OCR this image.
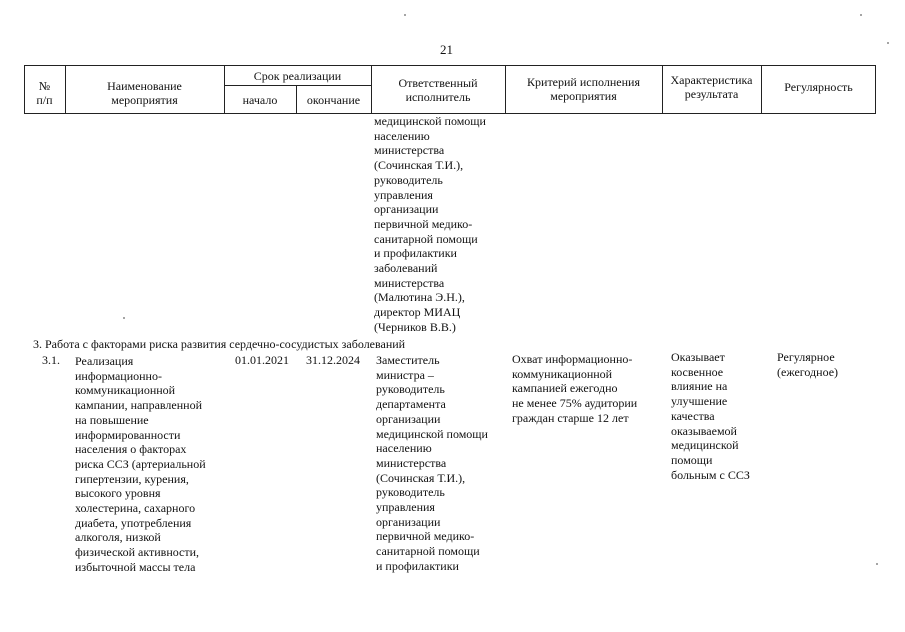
21
№
п/п
Наименование
мероприятия
Срок реализации
начало	окончание
Ответственный
исполнитель
Критерий исполнения
мероприятия
Характеристика
результата	Регулярность
медицинской помощи
населению
министерства
(Сочинская Т.И.),
руководитель
управления
организации
первичной медико-
санитарной помощи
и профилактики
заболеваний
министерства
(Малютина Э.Н.),
директор МИАЦ
(Черников В.В.)
3. Работа с факторами риска развития сердечно-сосудистых заболеваний
3.1. Реализация
информационно-
коммуникационной
кампании, направленной
на повышение
информированности
населения о факторах
риска ССЗ (артериальной
гипертензии, курения,
высокого уровня
холестерина, сахарного
диабета, употребления
алкоголя, низкой
физической активности,
избыточной массы тела
01.01.2021 31.12.2024 Заместитель
министра –
руководитель
департамента
организации
медицинской помощи
населению
министерства
(Сочинская Т.И.),
руководитель
управления
организации
первичной медико-
санитарной помощи
и профилактики
Охват информационно-
коммуникационной
кампанией ежегодно
не менее 75% аудитории
граждан старше 12 лет
Оказывает
косвенное
влияние на
улучшение
качества
оказываемой
медицинской
помощи
больным с ССЗ
Регулярное
(ежегодное)
